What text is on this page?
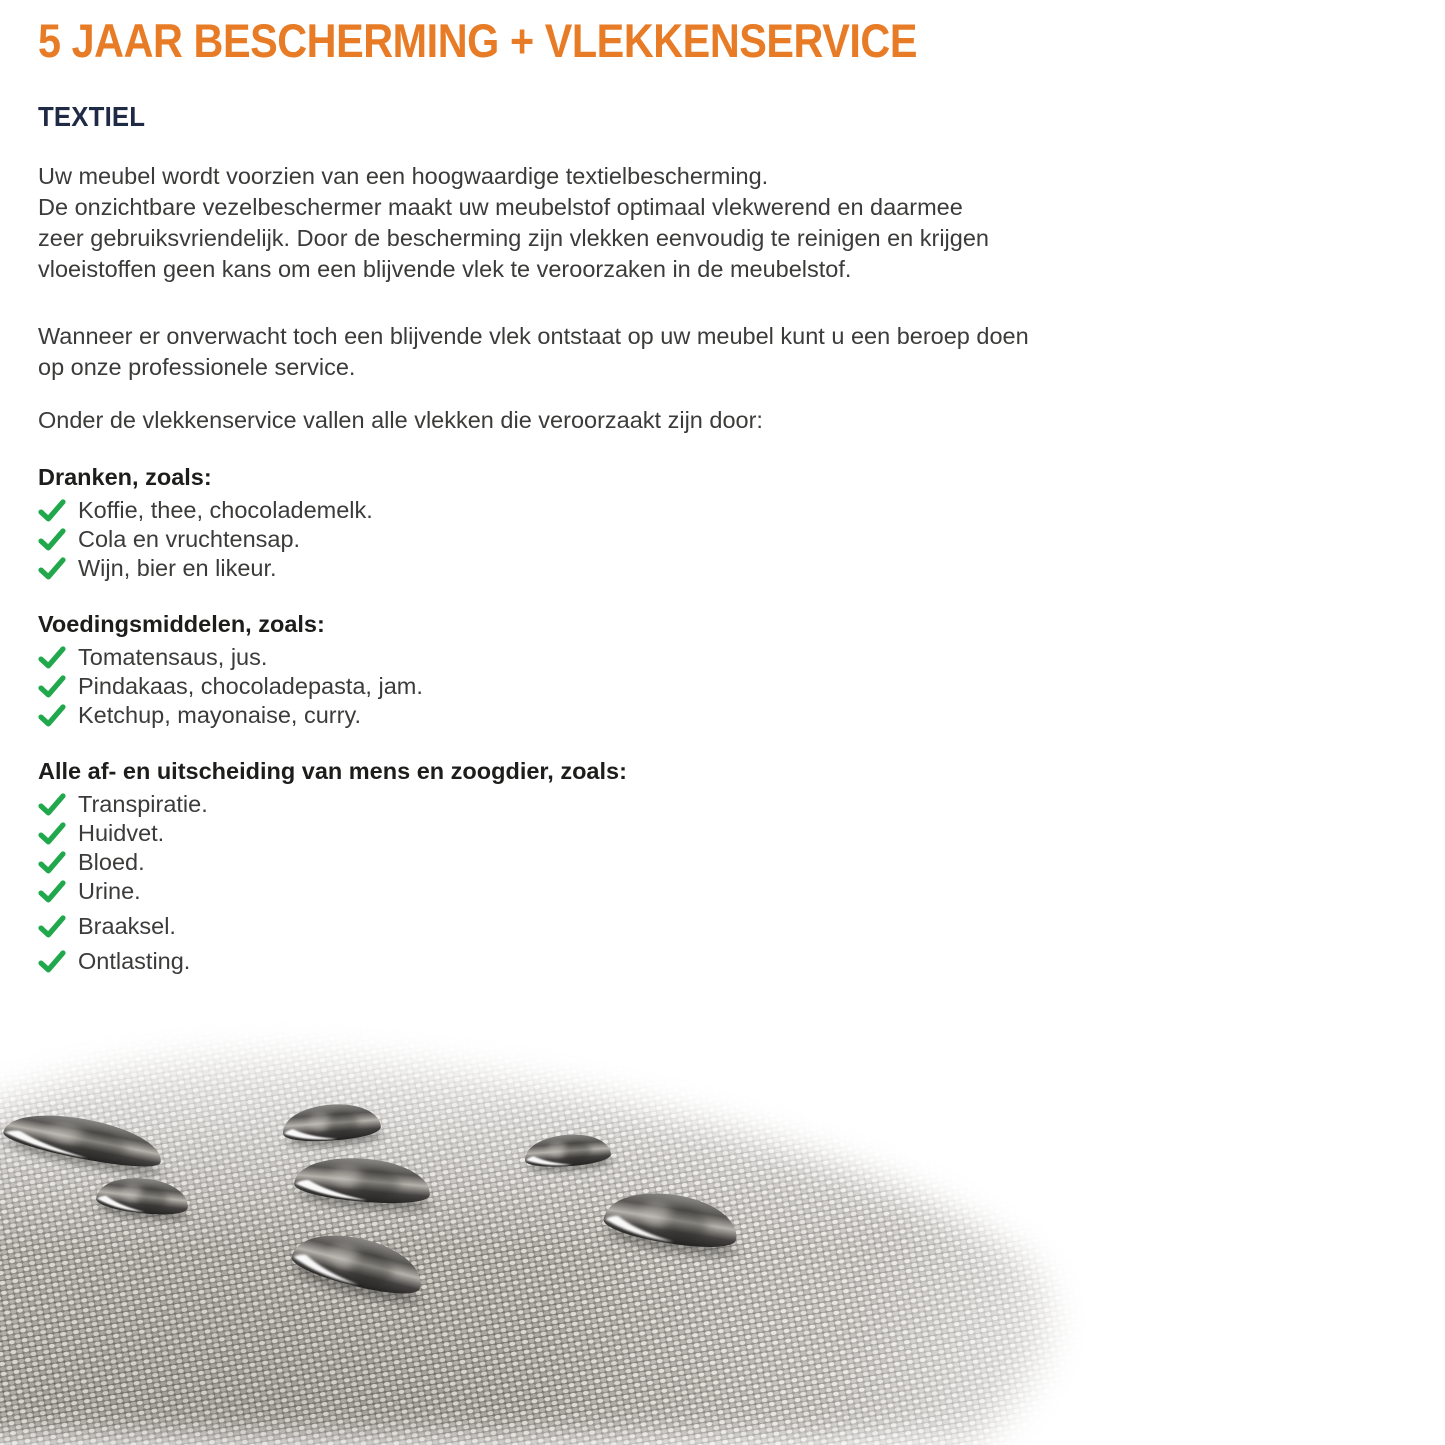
5 JAAR BESCHERMING + VLEKKENSERVICE
TEXTIEL
Uw meubel wordt voorzien van een hoogwaardige textielbescherming.
De onzichtbare vezelbeschermer maakt uw meubelstof optimaal vlekwerend en daarmee
zeer gebruiksvriendelijk. Door de bescherming zijn vlekken eenvoudig te reinigen en krijgen
vloeistoffen geen kans om een blijvende vlek te veroorzaken in de meubelstof.
Wanneer er onverwacht toch een blijvende vlek ontstaat op uw meubel kunt u een beroep doen
op onze professionele service.
Onder de vlekkenservice vallen alle vlekken die veroorzaakt zijn door:
Dranken, zoals:
Koffie, thee, chocolademelk.
Cola en vruchtensap.
Wijn, bier en likeur.
Voedingsmiddelen, zoals:
Tomatensaus, jus.
Pindakaas, chocoladepasta, jam.
Ketchup, mayonaise, curry.
Alle af- en uitscheiding van mens en zoogdier, zoals:
Transpiratie.
Huidvet.
Bloed.
Urine.
Braaksel.
Ontlasting.
